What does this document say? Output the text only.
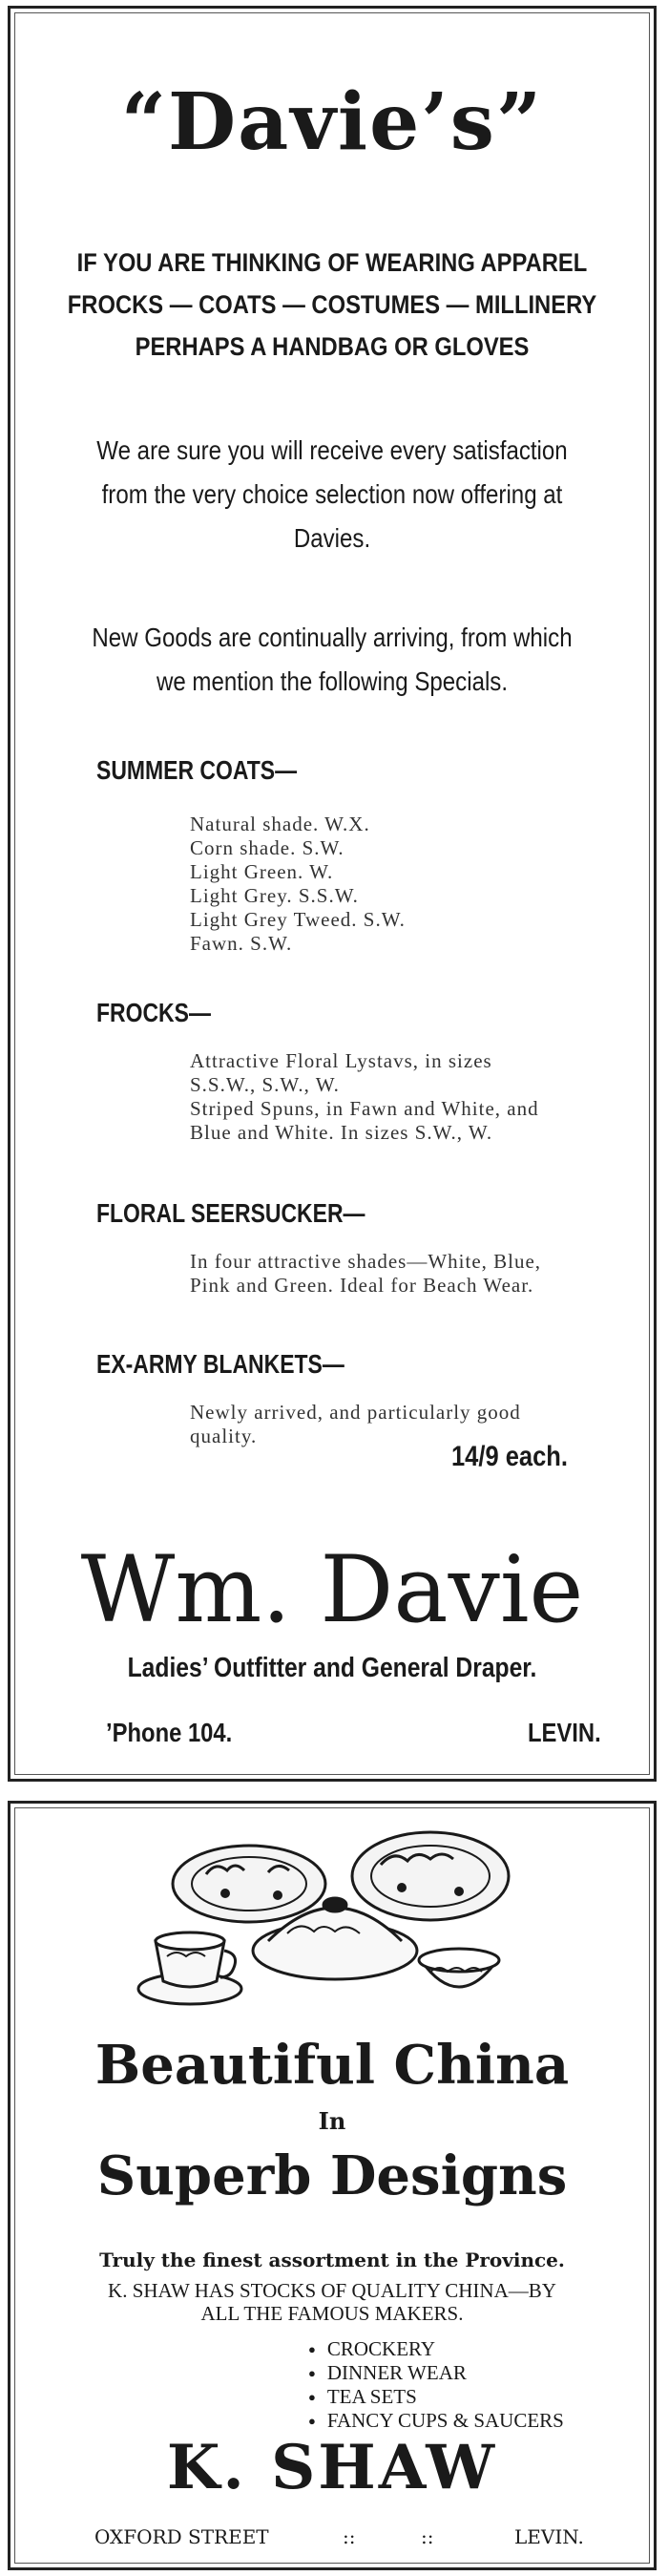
“Davie’s”
IF YOU ARE THINKING OF WEARING APPAREL
FROCKS — COATS — COSTUMES — MILLINERY
PERHAPS A HANDBAG OR GLOVES
We are sure you will receive every satisfaction
from the very choice selection now offering at
Davies.
New Goods are continually arriving, from which
we mention the following Specials.
SUMMER COATS—
Natural shade. W.X.
Corn shade. S.W.
Light Green. W.
Light Grey. S.S.W.
Light Grey Tweed. S.W.
Fawn. S.W.
FROCKS—
Attractive Floral Lystavs, in sizes
S.S.W., S.W., W.
Striped Spuns, in Fawn and White, and
Blue and White. In sizes S.W., W.
FLORAL SEERSUCKER—
In four attractive shades—White, Blue,
Pink and Green. Ideal for Beach Wear.
EX-ARMY BLANKETS—
Newly arrived, and particularly good
quality.
14/9 each.
Wm. Davie
Ladies’ Outfitter and General Draper.
’Phone 104.	LEVIN.
Beautiful China
In
Superb Designs
Truly the finest assortment in the Province.
K. SHAW HAS STOCKS OF QUALITY CHINA—BY
ALL THE FAMOUS MAKERS.
● CROCKERY
● DINNER WEAR
● TEA SETS
● FANCY CUPS & SAUCERS
K. SHAW
OXFORD STREET	::	::	LEVIN.
